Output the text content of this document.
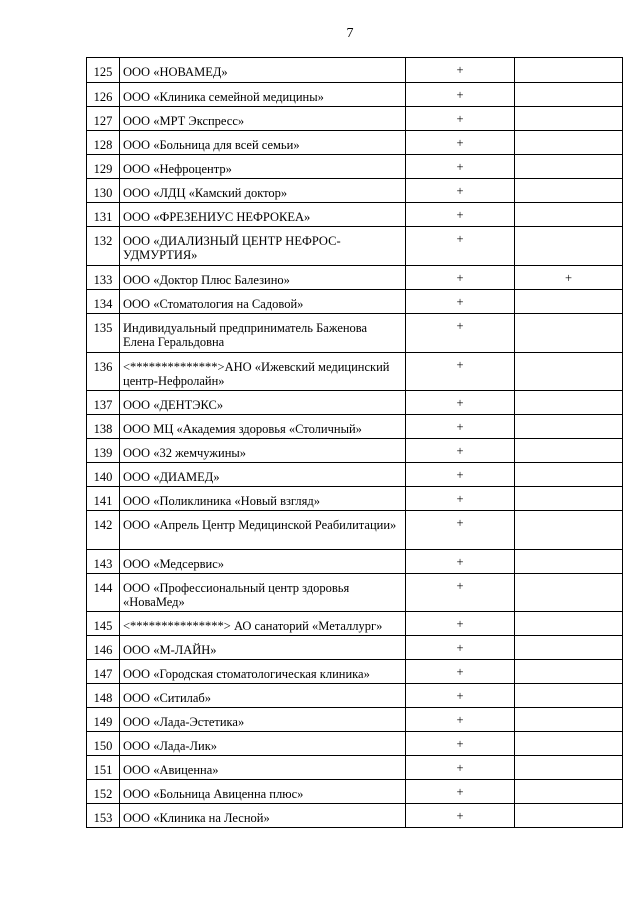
7
125	ООО «НОВАМЕД»	+	
126	ООО «Клиника семейной медицины»	+	
127	ООО «МРТ Экспресс»	+	
128	ООО «Больница для всей семьи»	+	
129	ООО «Нефроцентр»	+	
130	ООО «ЛДЦ «Камский доктор»	+	
131	ООО «ФРЕЗЕНИУС НЕФРОКЕА»	+	
132	ООО «ДИАЛИЗНЫЙ ЦЕНТР НЕФРОС-УДМУРТИЯ»	+	
133	ООО «Доктор Плюс Балезино»	+	+
134	ООО «Стоматология на Садовой»	+	
135	Индивидуальный предприниматель Баженова Елена Геральдовна	+	
136	<**************>АНО «Ижевский медицинский центр-Нефролайн»	+	
137	ООО «ДЕНТЭКС»	+	
138	ООО МЦ «Академия здоровья «Столичный»	+	
139	ООО «32 жемчужины»	+	
140	ООО «ДИАМЕД»	+	
141	ООО «Поликлиника «Новый взгляд»	+	
142	ООО «Апрель Центр Медицинской Реабилитации»	+	
143	ООО «Медсервис»	+	
144	ООО «Профессиональный центр здоровья «НоваМед»	+	
145	<***************> АО санаторий «Металлург»	+	
146	ООО «М-ЛАЙН»	+	
147	ООО «Городская стоматологическая клиника»	+	
148	ООО «Ситилаб»	+	
149	ООО «Лада-Эстетика»	+	
150	ООО «Лада-Лик»	+	
151	ООО «Авиценна»	+	
152	ООО «Больница Авиценна плюс»	+	
153	ООО «Клиника на Лесной»	+	
